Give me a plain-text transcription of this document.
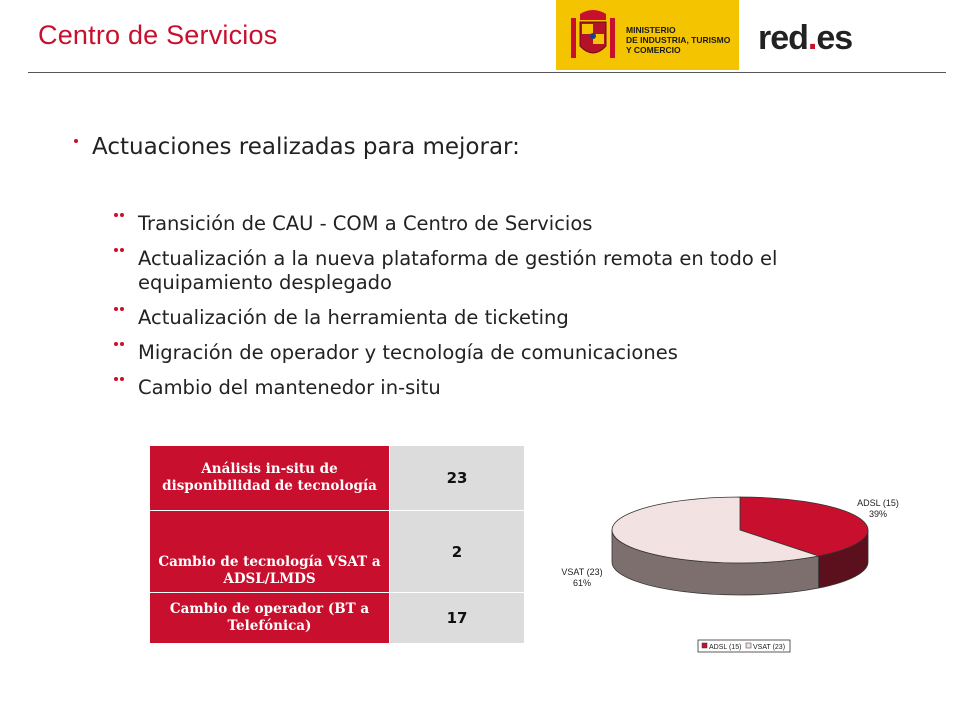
Centro de Servicios	MINISTERIO
DE INDUSTRIA, TURISMO
Y COMERCIO	red.es
Actuaciones realizadas para mejorar:
Transición de CAU - COM a Centro de Servicios
Actualización a la nueva plataforma de gestión remota en todo el equipamiento desplegado
Actualización de la herramienta de ticketing
Migración de operador y tecnología de comunicaciones
Cambio del mantenedor in-situ
Análisis in-situ de disponibilidad de tecnología	23
Cambio de tecnología VSAT a ADSL/LMDS	2
Cambio de operador (BT a Telefónica)	17
ADSL (15)
39%
VSAT (23)
61%
ADSL (15) VSAT (23)
